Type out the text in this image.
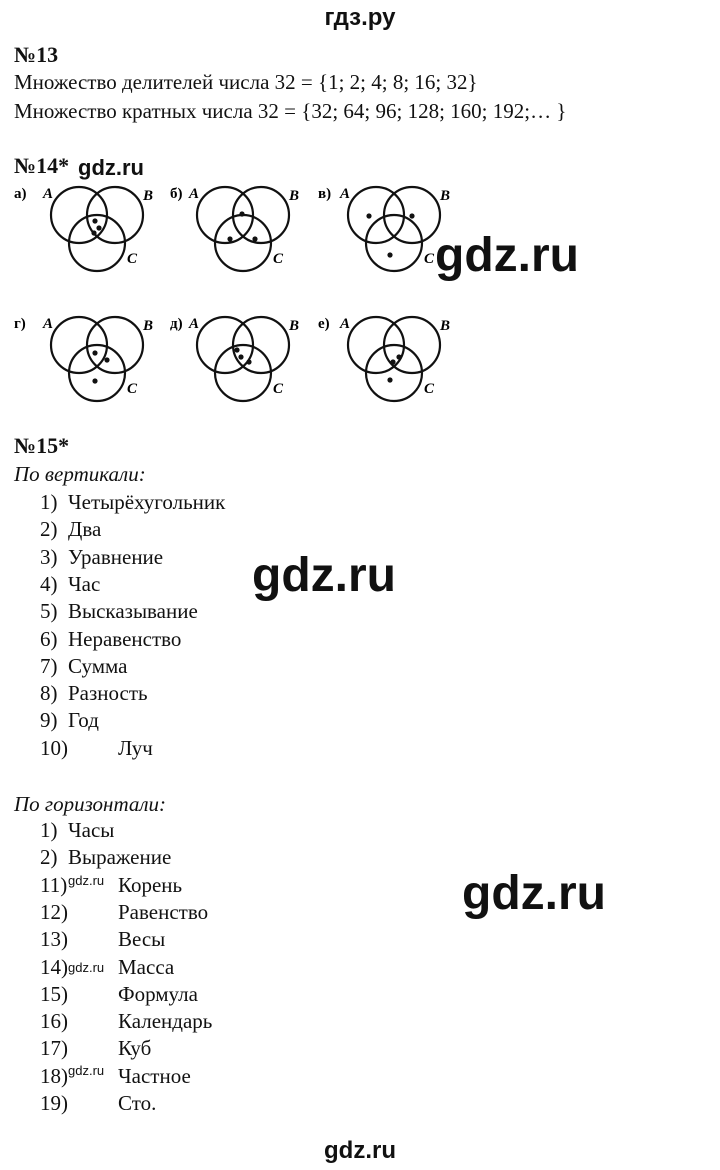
гдз.ру
№13
Множество делителей числа 32 = {1; 2; 4; 8; 16; 32}
Множество кратных числа 32 = {32; 64; 96; 128; 160; 192;… }
№14* gdz.ru
а) A	B
C
б) A	B
C
в) A	B
C
г) A	B
C
д) A	B
C
е) A	B
C
gdz.ru
№15*
По вертикали:
1) Четырёхугольник
2) Два
3) Уравнение
4) Час
5) Высказывание
6) Неравенство
7) Сумма
8) Разность
9) Год
10) Луч
gdz.ru
По горизонтали:
1) Часы
2) Выражение
11) Корень
12) Равенство
13) Весы
14) Масса
15) Формула
16) Календарь
17) Куб
18) Частное
19) Сто.
gdz.ru
gdz.ru
gdz.ru
gdz.ru
gdz.ru
